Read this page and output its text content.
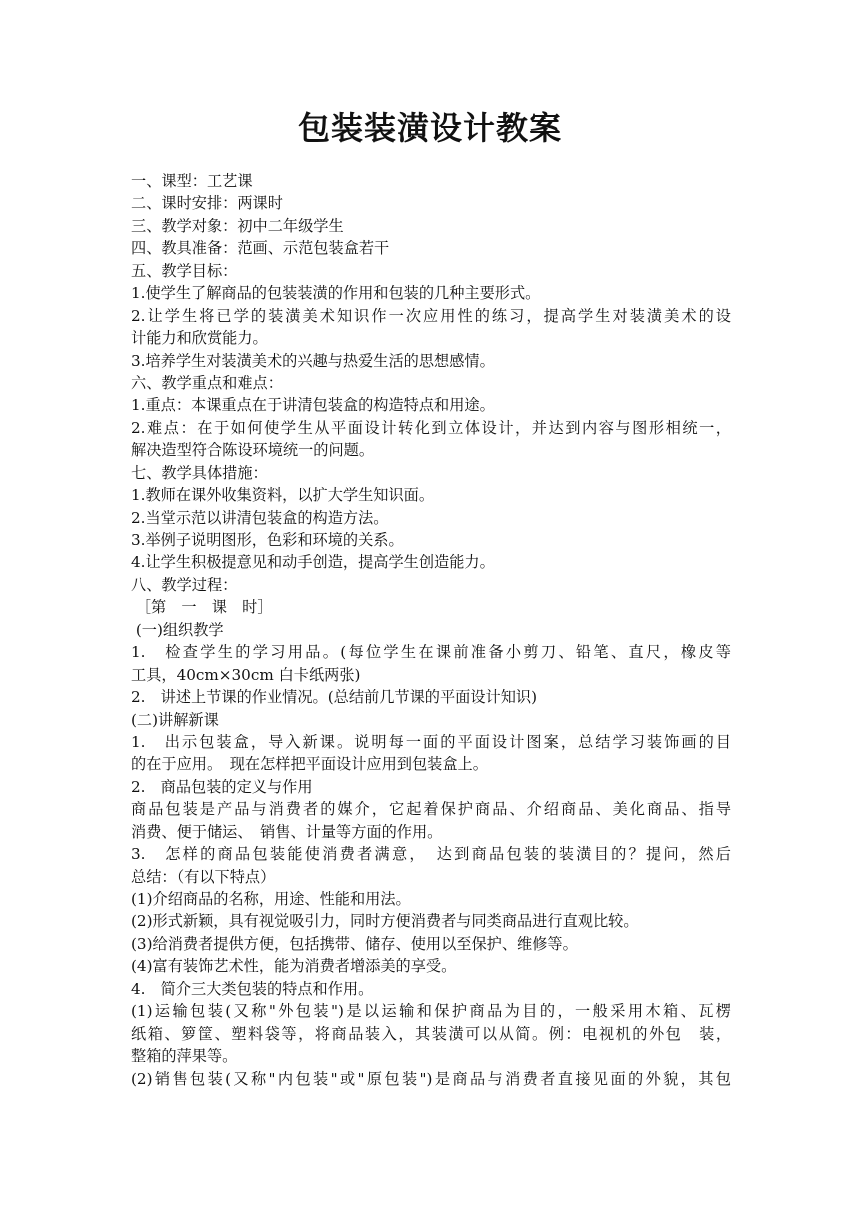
包装装潢设计教案
一、课型：工艺课
二、课时安排：两课时
三、教学对象：初中二年级学生
四、教具准备：范画、示范包装盒若干
五、教学目标：
1.使学生了解商品的包装装潢的作用和包装的几种主要形式。
2.让学生将已学的装潢美术知识作一次应用性的练习，提高学生对装潢美术的设
计能力和欣赏能力。
3.培养学生对装潢美术的兴趣与热爱生活的思想感情。
六、教学重点和难点：
1.重点：本课重点在于讲清包装盒的构造特点和用途。
2.难点：在于如何使学生从平面设计转化到立体设计，并达到内容与图形相统一，
解决造型符合陈设环境统一的问题。
七、教学具体措施：
1.教师在课外收集资料，以扩大学生知识面。
2.当堂示范以讲清包装盒的构造方法。
3.举例子说明图形，色彩和环境的关系。
4.让学生积极提意见和动手创造，提高学生创造能力。
八、教学过程：
［第　一　课　时］
(一)组织教学
1.　检查学生的学习用品。(每位学生在课前准备小剪刀、铅笔、直尺，橡皮等
工具，40cm×30cm 白卡纸两张)
2.　讲述上节课的作业情况。(总结前几节课的平面设计知识)
(二)讲解新课
1.　出示包装盒，导入新课。说明每一面的平面设计图案，总结学习装饰画的目
的在于应用。　现在怎样把平面设计应用到包装盒上。
2.　商品包装的定义与作用
商品包装是产品与消费者的媒介，它起着保护商品、介绍商品、美化商品、指导
消费、便于储运、　销售、计量等方面的作用。
3.　怎样的商品包装能使消费者满意，　达到商品包装的装潢目的？提问，然后
总结：（有以下特点）
(1)介绍商品的名称，用途、性能和用法。
(2)形式新颖，具有视觉吸引力，同时方便消费者与同类商品进行直观比较。
(3)给消费者提供方便，包括携带、储存、使用以至保护、维修等。
(4)富有装饰艺术性，能为消费者增添美的享受。
4.　简介三大类包装的特点和作用。
(1)运输包装(又称"外包装")是以运输和保护商品为目的，一般采用木箱、瓦楞
纸箱、箩筐、塑料袋等，将商品装入，其装潢可以从简。例：电视机的外包　装，
整箱的萍果等。
(2)销售包装(又称"内包装"或"原包装")是商品与消费者直接见面的外貌，其包
